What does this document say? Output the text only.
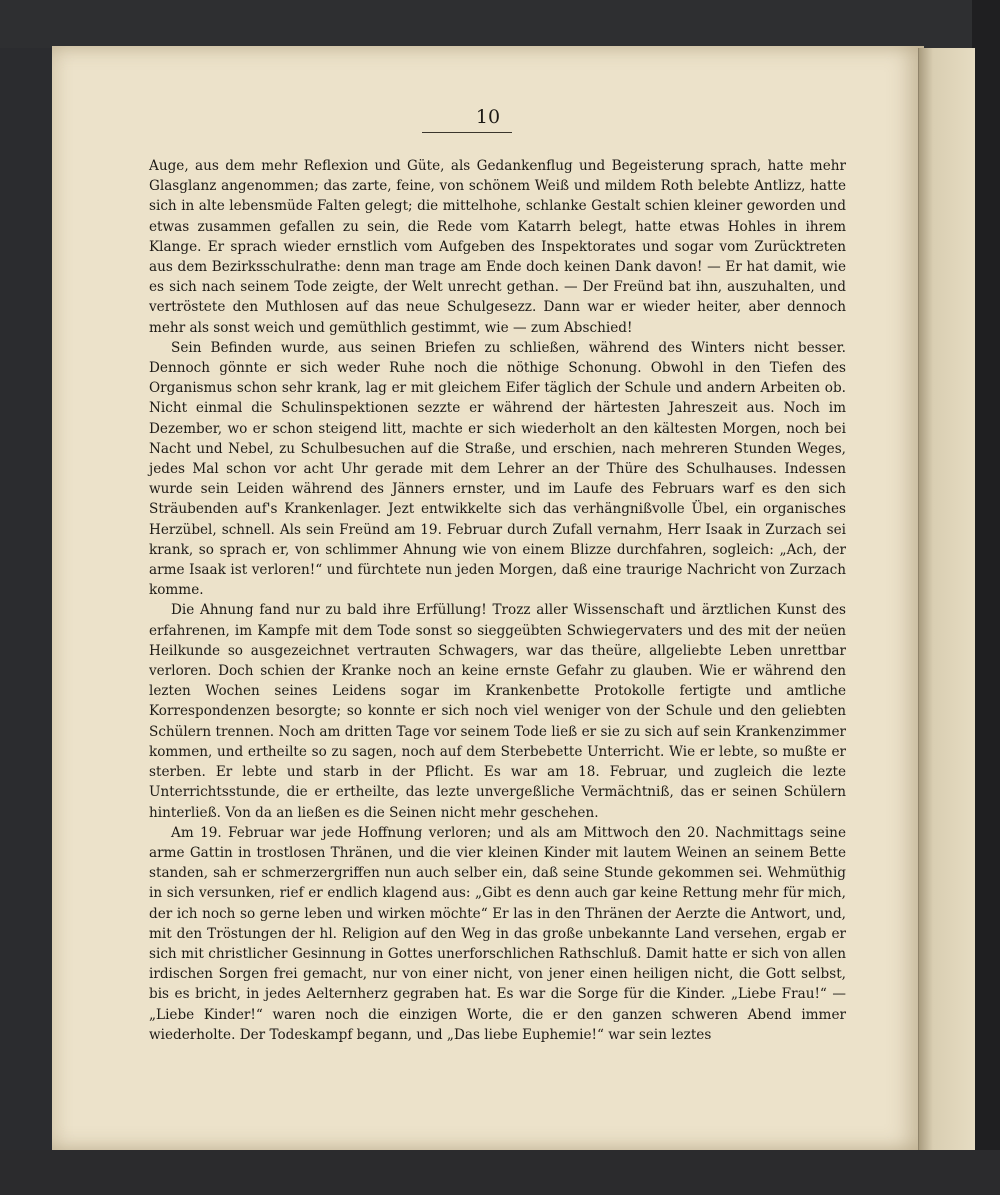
10

Auge, aus dem mehr Reflexion und Güte, als Gedankenflug und Begeisterung sprach, hatte mehr Glasglanz angenommen; das zarte, feine, von schönem Weiß und mildem Roth belebte Antlizz, hatte sich in alte lebensmüde Falten gelegt; die mittelhohe, schlanke Gestalt schien kleiner geworden und etwas zusammen gefallen zu sein, die Rede vom Katarrh belegt, hatte etwas Hohles in ihrem Klange. Er sprach wieder ernstlich vom Aufgeben des Inspektorates und sogar vom Zurücktreten aus dem Bezirksschulrathe: denn man trage am Ende doch keinen Dank davon! — Er hat damit, wie es sich nach seinem Tode zeigte, der Welt unrecht gethan. — Der Freünd bat ihn, auszuhalten, und vertröstete den Muthlosen auf das neue Schulgesezz. Dann war er wieder heiter, aber dennoch mehr als sonst weich und gemüthlich gestimmt, wie — zum Abschied!

Sein Befinden wurde, aus seinen Briefen zu schließen, während des Winters nicht besser. Dennoch gönnte er sich weder Ruhe noch die nöthige Schonung. Obwohl in den Tiefen des Organismus schon sehr krank, lag er mit gleichem Eifer täglich der Schule und andern Arbeiten ob. Nicht einmal die Schulinspektionen sezzte er während der härtesten Jahreszeit aus. Noch im Dezember, wo er schon steigend litt, machte er sich wiederholt an den kältesten Morgen, noch bei Nacht und Nebel, zu Schulbesuchen auf die Straße, und erschien, nach mehreren Stunden Weges, jedes Mal schon vor acht Uhr gerade mit dem Lehrer an der Thüre des Schulhauses. Indessen wurde sein Leiden während des Jänners ernster, und im Laufe des Februars warf es den sich Sträubenden auf's Krankenlager. Jezt entwikkelte sich das verhängnißvolle Übel, ein organisches Herzübel, schnell. Als sein Freünd am 19. Februar durch Zufall vernahm, Herr Isaak in Zurzach sei krank, so sprach er, von schlimmer Ahnung wie von einem Blizze durchfahren, sogleich: „Ach, der arme Isaak ist verloren!“ und fürchtete nun jeden Morgen, daß eine traurige Nachricht von Zurzach komme.

Die Ahnung fand nur zu bald ihre Erfüllung! Trozz aller Wissenschaft und ärztlichen Kunst des erfahrenen, im Kampfe mit dem Tode sonst so sieggeübten Schwiegervaters und des mit der neüen Heilkunde so ausgezeichnet vertrauten Schwagers, war das theüre, allgeliebte Leben unrettbar verloren. Doch schien der Kranke noch an keine ernste Gefahr zu glauben. Wie er während den lezten Wochen seines Leidens sogar im Krankenbette Protokolle fertigte und amtliche Korrespondenzen besorgte; so konnte er sich noch viel weniger von der Schule und den geliebten Schülern trennen. Noch am dritten Tage vor seinem Tode ließ er sie zu sich auf sein Krankenzimmer kommen, und ertheilte so zu sagen, noch auf dem Sterbebette Unterricht. Wie er lebte, so mußte er sterben. Er lebte und starb in der Pflicht. Es war am 18. Februar, und zugleich die lezte Unterrichtsstunde, die er ertheilte, das lezte unvergeßliche Vermächtniß, das er seinen Schülern hinterließ. Von da an ließen es die Seinen nicht mehr geschehen.

Am 19. Februar war jede Hoffnung verloren; und als am Mittwoch den 20. Nachmittags seine arme Gattin in trostlosen Thränen, und die vier kleinen Kinder mit lautem Weinen an seinem Bette standen, sah er schmerzergriffen nun auch selber ein, daß seine Stunde gekommen sei. Wehmüthig in sich versunken, rief er endlich klagend aus: „Gibt es denn auch gar keine Rettung mehr für mich, der ich noch so gerne leben und wirken möchte“ Er las in den Thränen der Aerzte die Antwort, und, mit den Tröstungen der hl. Religion auf den Weg in das große unbekannte Land versehen, ergab er sich mit christlicher Gesinnung in Gottes unerforschlichen Rathschluß. Damit hatte er sich von allen irdischen Sorgen frei gemacht, nur von einer nicht, von jener einen heiligen nicht, die Gott selbst, bis es bricht, in jedes Aelternherz gegraben hat. Es war die Sorge für die Kinder. „Liebe Frau!“ — „Liebe Kinder!“ waren noch die einzigen Worte, die er den ganzen schweren Abend immer wiederholte. Der Todeskampf begann, und „Das liebe Euphemie!“ war sein leztes
